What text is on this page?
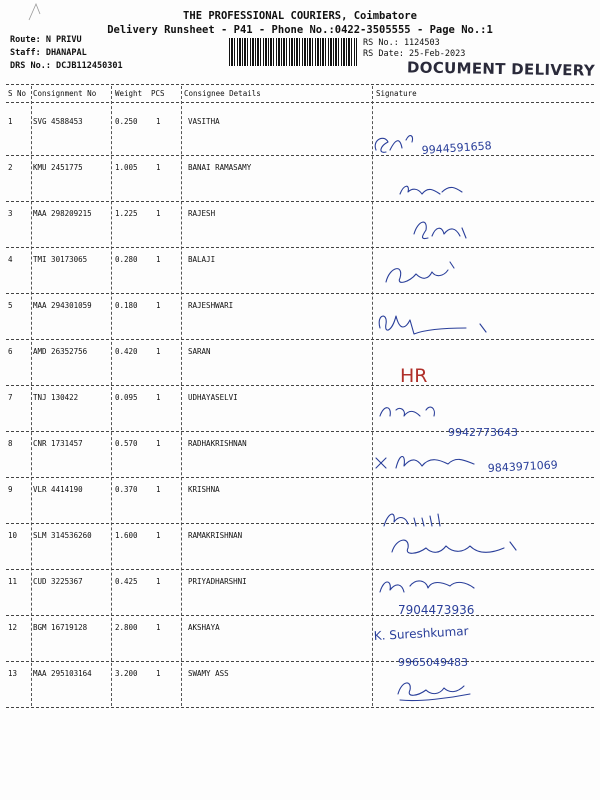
THE PROFESSIONAL COURIERS, Coimbatore
Delivery Runsheet - P41 - Phone No.:0422-3505555 - Page No.:1
Route: N PRIVU
Staff: DHANAPAL
DRS No.: DCJB112450301
RS No.: 1124503
RS Date: 25-Feb-2023
DOCUMENT DELIVERY
S No Consignment No	Weight PCS	Consignee Details	Signature
1	SVG 4588453	0.250 1	VASITHA
2	KMU 2451775	1.005 1	BANAI RAMASAMY
3	MAA 298209215	1.225 1	RAJESH
4	TMI 30173065	0.280 1	BALAJI
5	MAA 294301059	0.180 1	RAJESHWARI
6	AMD 26352756	0.420 1	SARAN
7	TNJ 130422	0.095 1	UDHAYASELVI
8	CNR 1731457	0.570 1	RADHAKRISHNAN
9	VLR 4414190	0.370 1	KRISHNA
10 SLM 314536260	1.600 1	RAMAKRISHNAN
11 CUD 3225367	0.425 1	PRIYADHARSHNI
12 BGM 16719128	2.800 1	AKSHAYA
13 MAA 295103164	3.200 1	SWAMY ASS
9944591658
HR
9942773643
9843971069
7904473936
K. Sureshkumar
9965049483
